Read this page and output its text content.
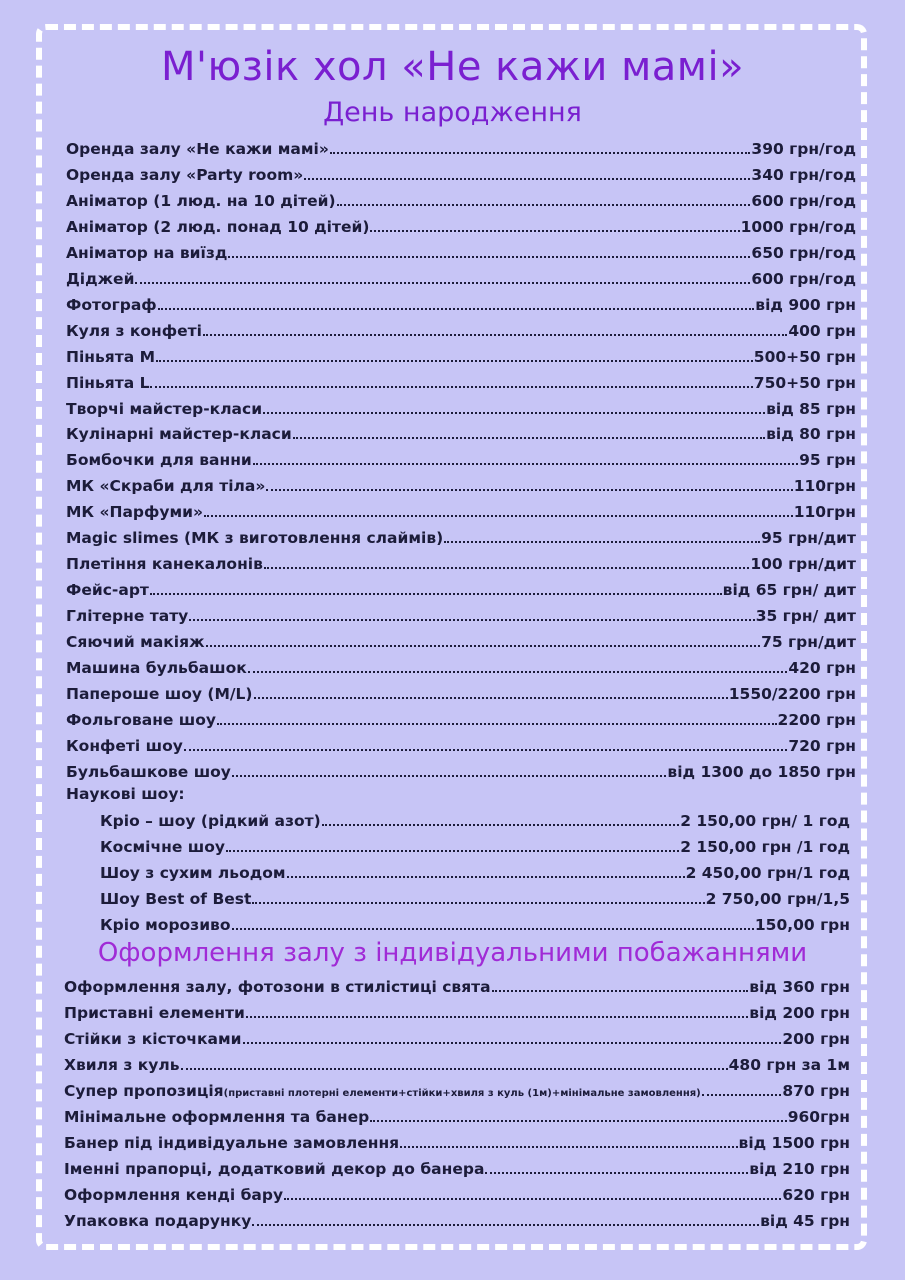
М'юзік хол «Не кажи мамі»
День народження
Оренда залу «Не кажи мамі»	390 грн/год
Оренда залу «Party room»	340 грн/год
Аніматор (1 люд. на 10 дітей)	600 грн/год
Аніматор (2 люд. понад 10 дітей)	1000 грн/год
Аніматор на виїзд	650 грн/год
Діджей	600 грн/год
Фотограф	від 900 грн
Куля з конфеті	400 грн
Піньята M	500+50 грн
Піньята L	750+50 грн
Творчі майстер-класи	від 85 грн
Кулінарні майстер-класи	від 80 грн
Бомбочки для ванни	95 грн
МК «Скраби для тіла»	110грн
МК «Парфуми»	110грн
Magic slimes (МК з виготовлення слаймів)	95 грн/дит
Плетіння канекалонів	100 грн/дит
Фейс-арт	від 65 грн/ дит
Глітерне тату	35 грн/ дит
Сяючий макіяж	75 грн/дит
Машина бульбашок	420 грн
Папероше шоу (M/L)	1550/2200 грн
Фольговане шоу	2200 грн
Конфеті шоу	720 грн
Бульбашкове шоу	від 1300 до 1850 грн
Наукові шоу:
Кріо – шоу (рідкий азот)	2 150,00 грн/ 1 год
Космічне шоу	2 150,00 грн /1 год
Шоу з сухим льодом	2 450,00 грн/1 год
Шоу Best of Best	2 750,00 грн/1,5
Кріо морозиво	150,00 грн
Оформлення залу з індивідуальними побажаннями
Оформлення залу, фотозони в стилістиці свята	від 360 грн
Приставні елементи	від 200 грн
Стійки з кісточками	200 грн
Хвиля з куль	480 грн за 1м
Супер пропозиція (приставні плотерні елементи+стійки+хвиля з куль (1м)+мінімальне замовлення)	870 грн
Мінімальне оформлення та банер	960грн
Банер під індивідуальне замовлення	від 1500 грн
Іменні прапорці, додатковий декор до банера	від 210 грн
Оформлення кенді бару	620 грн
Упаковка подарунку	від 45 грн
